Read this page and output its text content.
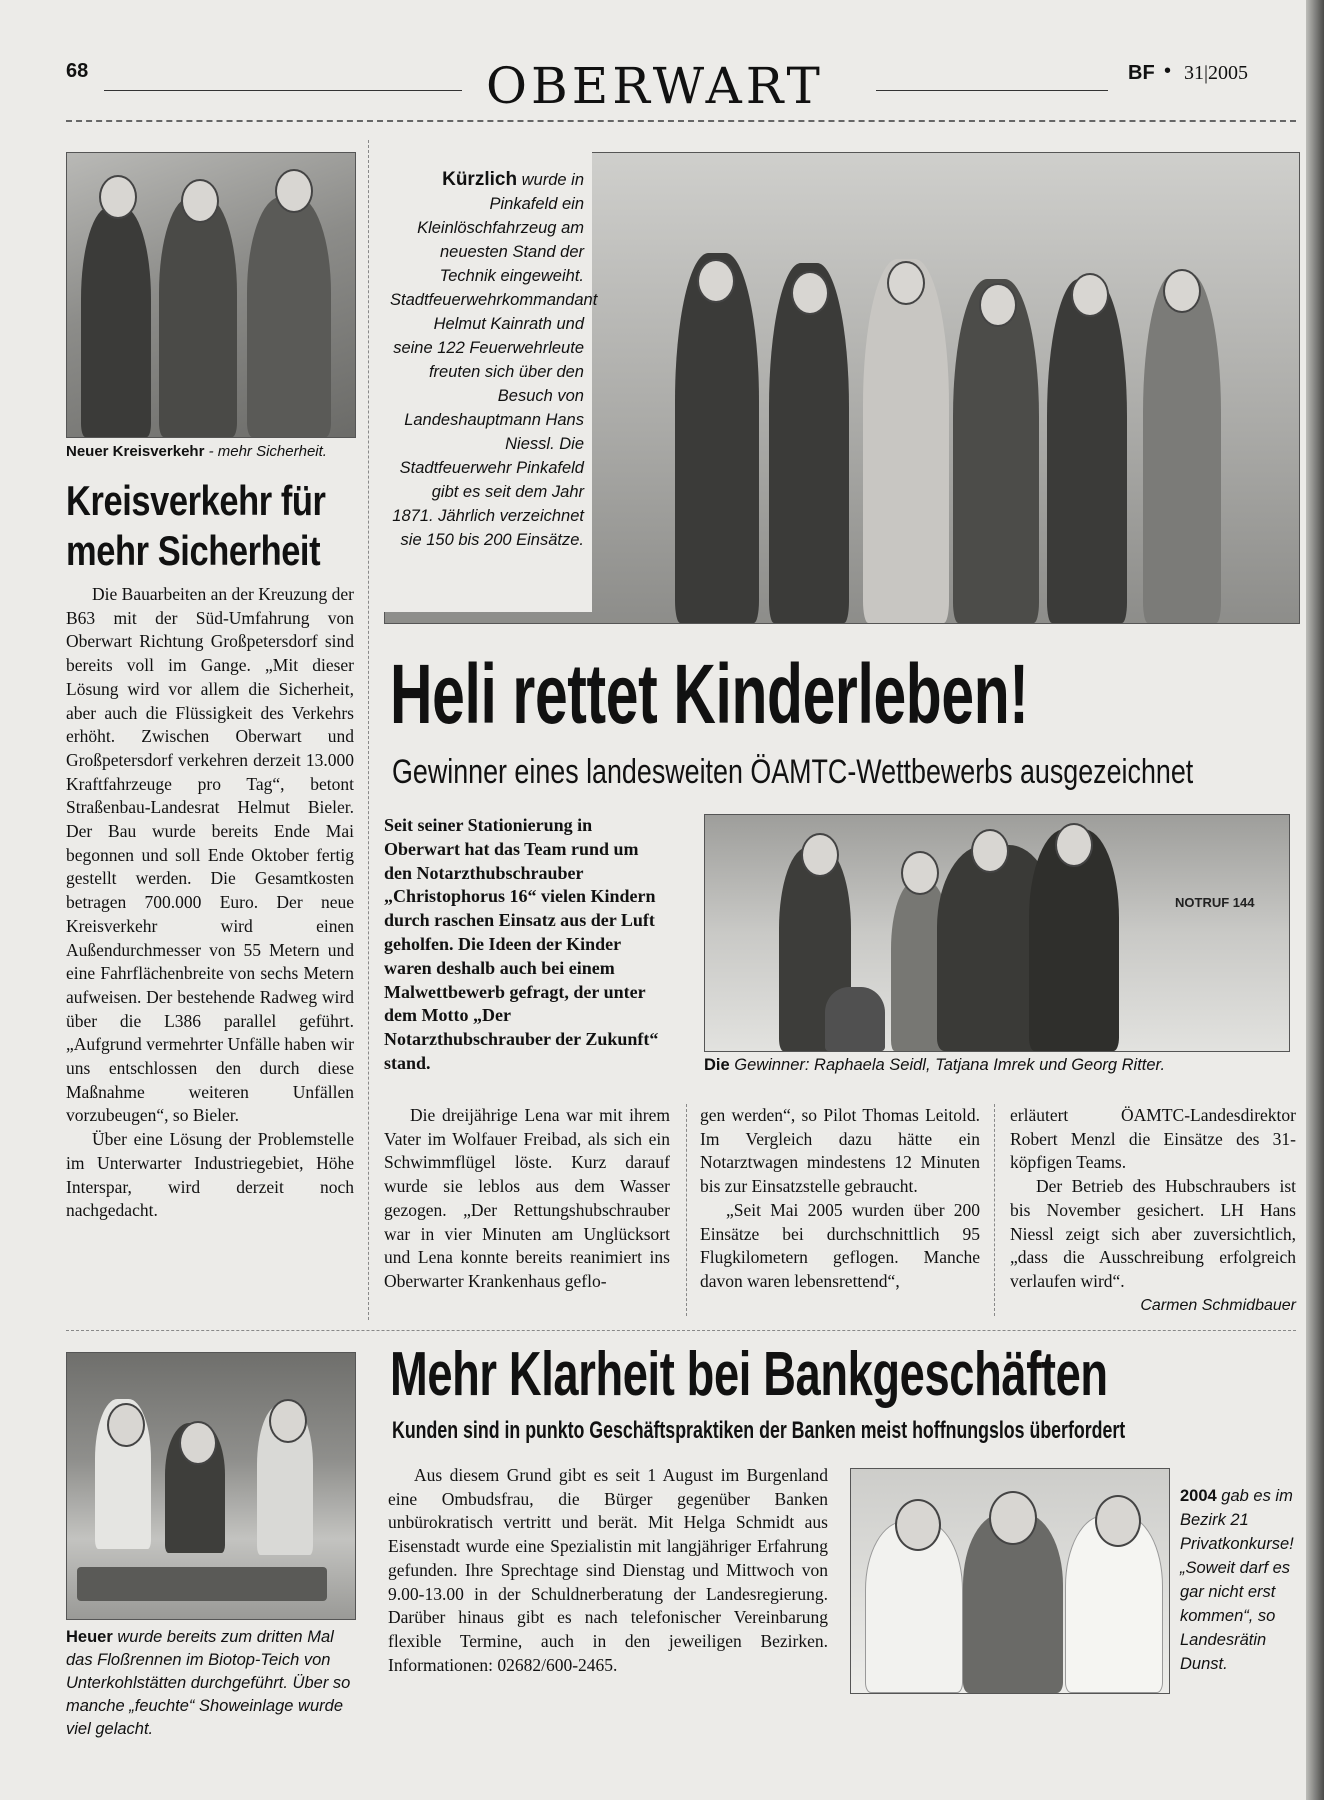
68	OBERWART	BF • 31|2005
Neuer Kreisverkehr - mehr Sicherheit.
Kreisverkehr für mehr Sicherheit

Die Bauarbeiten an der Kreuzung der B63 mit der Süd-Umfahrung von Oberwart Richtung Großpetersdorf sind bereits voll im Gange. „Mit dieser Lösung wird vor allem die Sicherheit, aber auch die Flüssigkeit des Verkehrs erhöht. Zwischen Oberwart und Großpetersdorf verkehren derzeit 13.000 Kraftfahrzeuge pro Tag“, betont Straßenbau-Landesrat Helmut Bieler. Der Bau wurde bereits Ende Mai begonnen und soll Ende Oktober fertig gestellt werden. Die Gesamtkosten betragen 700.000 Euro. Der neue Kreisverkehr wird einen Außendurchmesser von 55 Metern und eine Fahrflächenbreite von sechs Metern aufweisen. Der bestehende Radweg wird über die L386 parallel geführt. „Aufgrund vermehrter Unfälle haben wir uns entschlossen den durch diese Maßnahme weiteren Unfällen vorzubeugen“, so Bieler.

Über eine Lösung der Problemstelle im Unterwarter Industriegebiet, Höhe Interspar, wird derzeit noch nachgedacht.

Kürzlich wurde in Pinkafeld ein Kleinlöschfahrzeug am neuesten Stand der Technik eingeweiht. Stadtfeuerwehrkommandant Helmut Kainrath und seine 122 Feuerwehrleute freuten sich über den Besuch von Landeshauptmann Hans Niessl. Die Stadtfeuerwehr Pinkafeld gibt es seit dem Jahr 1871. Jährlich verzeichnet sie 150 bis 200 Einsätze.
Heli rettet Kinderleben!
Gewinner eines landesweiten ÖAMTC-Wettbewerbs ausgezeichnet

Seit seiner Stationierung in Oberwart hat das Team rund um den Notarzthubschrauber „Christophorus 16“ vielen Kindern durch raschen Einsatz aus der Luft geholfen. Die Ideen der Kinder waren deshalb auch bei einem Malwettbewerb gefragt, der unter dem Motto „Der Notarzthubschrauber der Zukunft“ stand.

NOTRUF 144
Die Gewinner: Raphaela Seidl, Tatjana Imrek und Georg Ritter.

Die dreijährige Lena war mit ihrem Vater im Wolfauer Freibad, als sich ein Schwimmflügel löste. Kurz darauf wurde sie leblos aus dem Wasser gezogen. „Der Rettungshubschrauber war in vier Minuten am Unglücksort und Lena konnte bereits reanimiert ins Oberwarter Krankenhaus geflo-

gen werden“, so Pilot Thomas Leitold. Im Vergleich dazu hätte ein Notarztwagen mindestens 12 Minuten bis zur Einsatzstelle gebraucht.

„Seit Mai 2005 wurden über 200 Einsätze bei durchschnittlich 95 Flugkilometern geflogen. Manche davon waren lebensrettend“,

erläutert ÖAMTC-Landesdirektor Robert Menzl die Einsätze des 31-köpfigen Teams.

Der Betrieb des Hubschraubers ist bis November gesichert. LH Hans Niessl zeigt sich aber zuversichtlich, „dass die Ausschreibung erfolgreich verlaufen wird“.

Carmen Schmidbauer
Heuer wurde bereits zum dritten Mal das Floßrennen im Biotop-Teich von Unterkohlstätten durchgeführt. Über so manche „feuchte“ Showeinlage wurde viel gelacht.
Mehr Klarheit bei Bankgeschäften
Kunden sind in punkto Geschäftspraktiken der Banken meist hoffnungslos überfordert

Aus diesem Grund gibt es seit 1 August im Burgenland eine Ombudsfrau, die Bürger gegenüber Banken unbürokratisch vertritt und berät. Mit Helga Schmidt aus Eisenstadt wurde eine Spezialistin mit langjähriger Erfahrung gefunden. Ihre Sprechtage sind Dienstag und Mittwoch von 9.00-13.00 in der Schuldnerberatung der Landesregierung. Darüber hinaus gibt es nach telefonischer Vereinbarung flexible Termine, auch in den jeweiligen Bezirken. Informationen: 02682/600-2465.

2004 gab es im Bezirk 21 Privatkonkurse! „Soweit darf es gar nicht erst kommen“, so Landesrätin Dunst.
